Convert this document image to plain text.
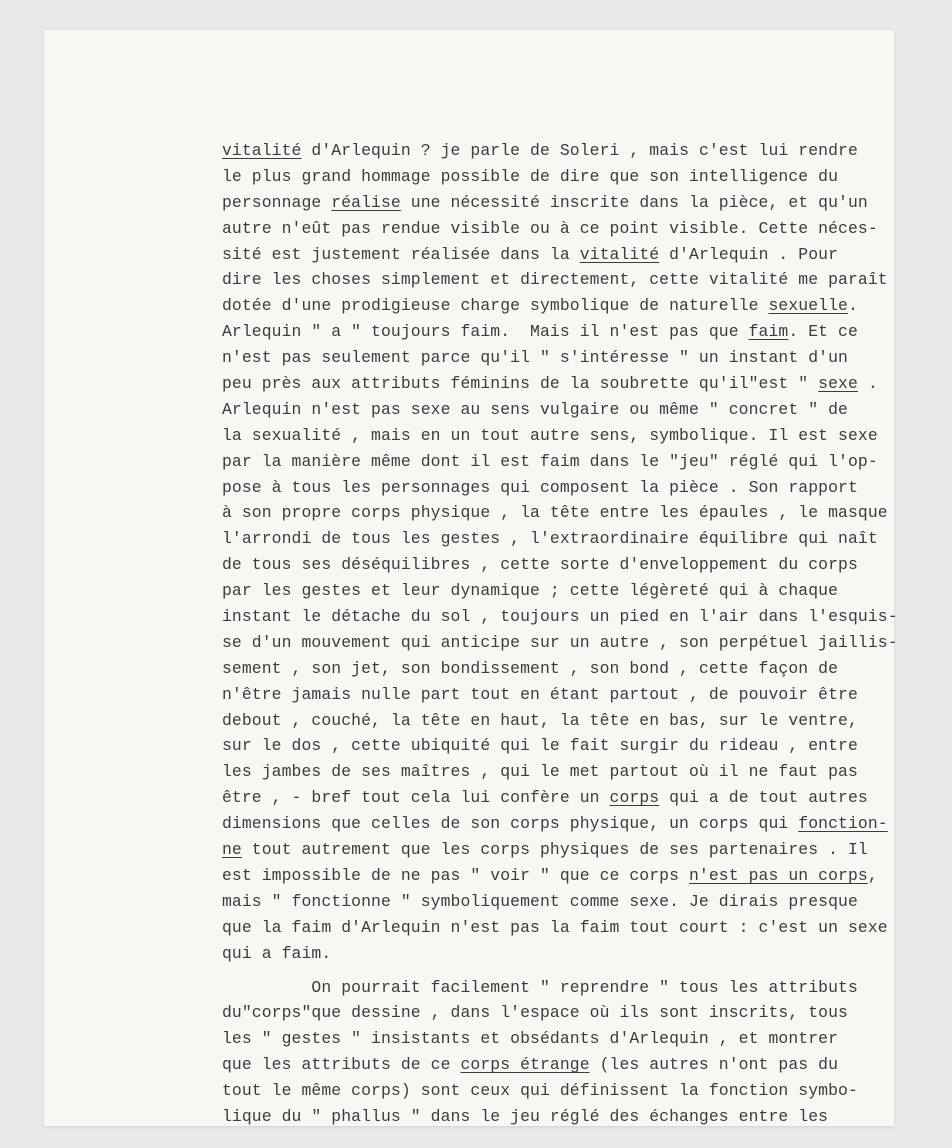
vitalité d'Arlequin ? je parle de Soleri , mais c'est lui rendre
le plus grand hommage possible de dire que son intelligence du
personnage réalise une nécessité inscrite dans la pièce, et qu'un
autre n'eût pas rendue visible ou à ce point visible. Cette néces-
sité est justement réalisée dans la vitalité d'Arlequin . Pour
dire les choses simplement et directement, cette vitalité me paraît
dotée d'une prodigieuse charge symbolique de naturelle sexuelle.
Arlequin " a " toujours faim.  Mais il n'est pas que faim. Et ce
n'est pas seulement parce qu'il " s'intéresse " un instant d'un
peu près aux attributs féminins de la soubrette qu'il"est " sexe .
Arlequin n'est pas sexe au sens vulgaire ou même " concret " de
la sexualité , mais en un tout autre sens, symbolique. Il est sexe
par la manière même dont il est faim dans le "jeu" réglé qui l'op-
pose à tous les personnages qui composent la pièce . Son rapport
à son propre corps physique , la tête entre les épaules , le masque
l'arrondi de tous les gestes , l'extraordinaire équilibre qui naît
de tous ses déséquilibres , cette sorte d'enveloppement du corps
par les gestes et leur dynamique ; cette légèreté qui à chaque
instant le détache du sol , toujours un pied en l'air dans l'esquis-
se d'un mouvement qui anticipe sur un autre , son perpétuel jaillis-
sement , son jet, son bondissement , son bond , cette façon de
n'être jamais nulle part tout en étant partout , de pouvoir être
debout , couché, la tête en haut, la tête en bas, sur le ventre,
sur le dos , cette ubiquité qui le fait surgir du rideau , entre
les jambes de ses maîtres , qui le met partout où il ne faut pas
être , - bref tout cela lui confère un corps qui a de tout autres
dimensions que celles de son corps physique, un corps qui fonction-
ne tout autrement que les corps physiques de ses partenaires . Il
est impossible de ne pas " voir " que ce corps n'est pas un corps,
mais " fonctionne " symboliquement comme sexe. Je dirais presque
que la faim d'Arlequin n'est pas la faim tout court : c'est un sexe
qui a faim.
On pourrait facilement " reprendre " tous les attributs
du"corps"que dessine , dans l'espace où ils sont inscrits, tous
les " gestes " insistants et obsédants d'Arlequin , et montrer
que les attributs de ce corps étrange (les autres n'ont pas du
tout le même corps) sont ceux qui définissent la fonction symbo-
lique du " phallus " dans le jeu réglé des échanges entre les
